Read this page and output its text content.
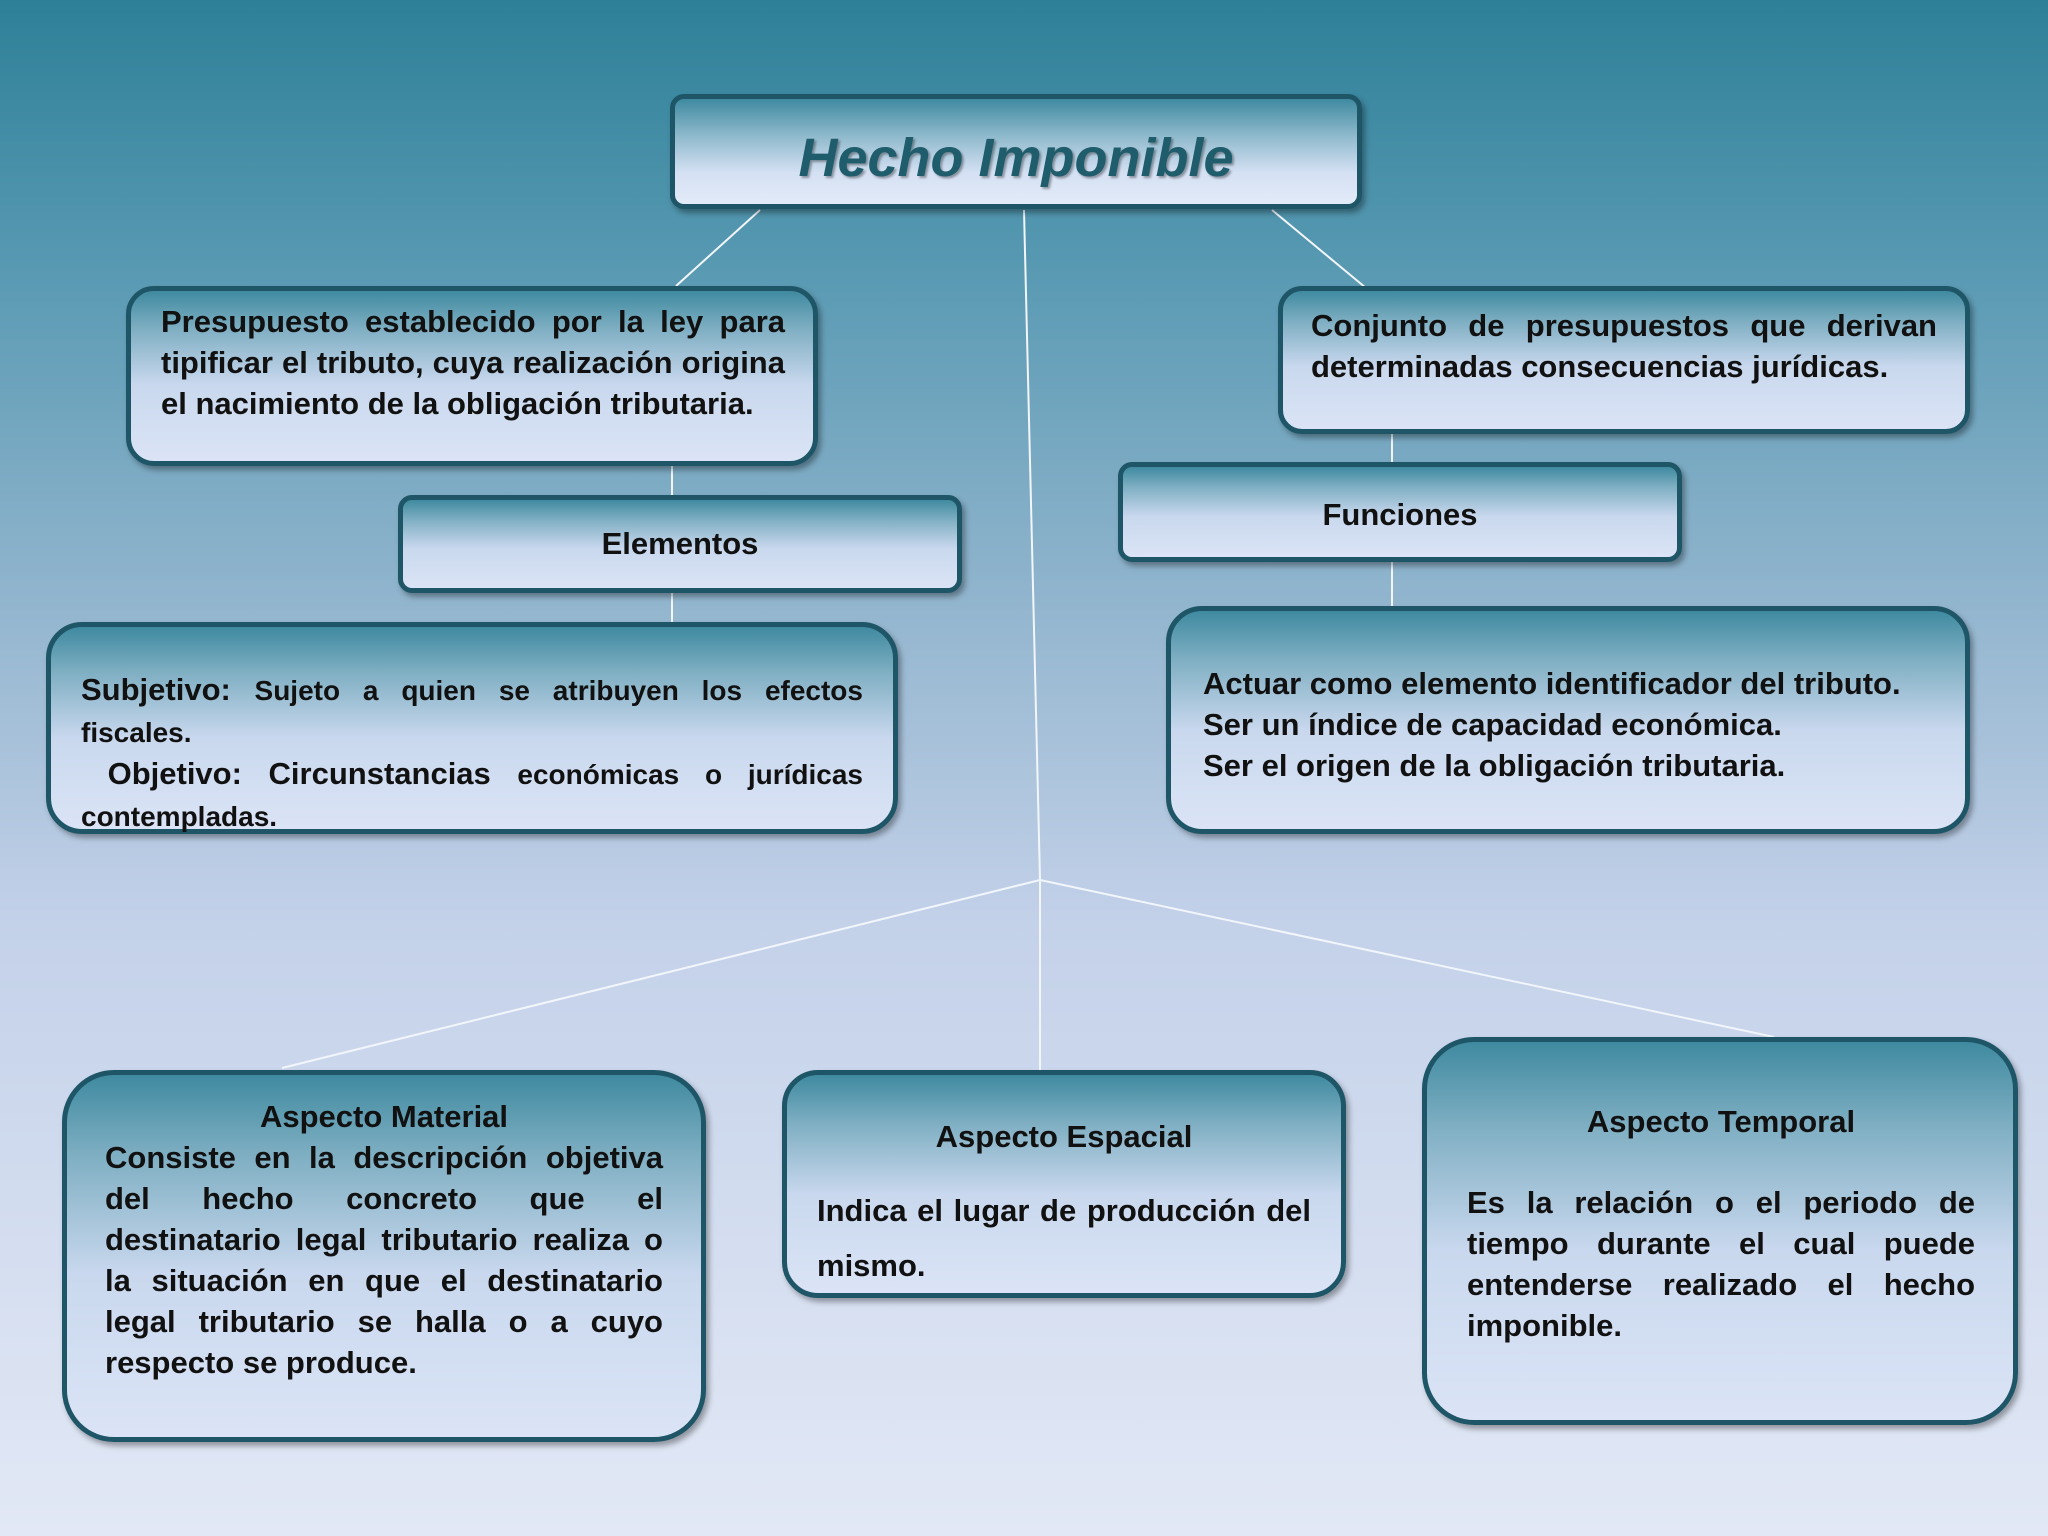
Hecho Imponible
Presupuesto establecido por la ley para tipificar el tributo, cuya realización origina el nacimiento de la obligación tributaria.
Conjunto de presupuestos que derivan determinadas consecuencias jurídicas.
Elementos
Funciones
Subjetivo: Sujeto a quien se atribuyen los efectos fiscales.
Objetivo: Circunstancias económicas o jurídicas contempladas.
Actuar como elemento identificador del tributo.
Ser un índice de capacidad económica.
Ser el origen de la obligación tributaria.
Aspecto Material
Consiste en la descripción objetiva del hecho concreto que el destinatario legal tributario realiza o la situación en que el destinatario legal tributario se halla o a cuyo respecto se produce.
Aspecto Espacial
Indica el lugar de producción del mismo.
Aspecto Temporal
Es la relación o el periodo de tiempo durante el cual puede entenderse realizado el hecho imponible.
